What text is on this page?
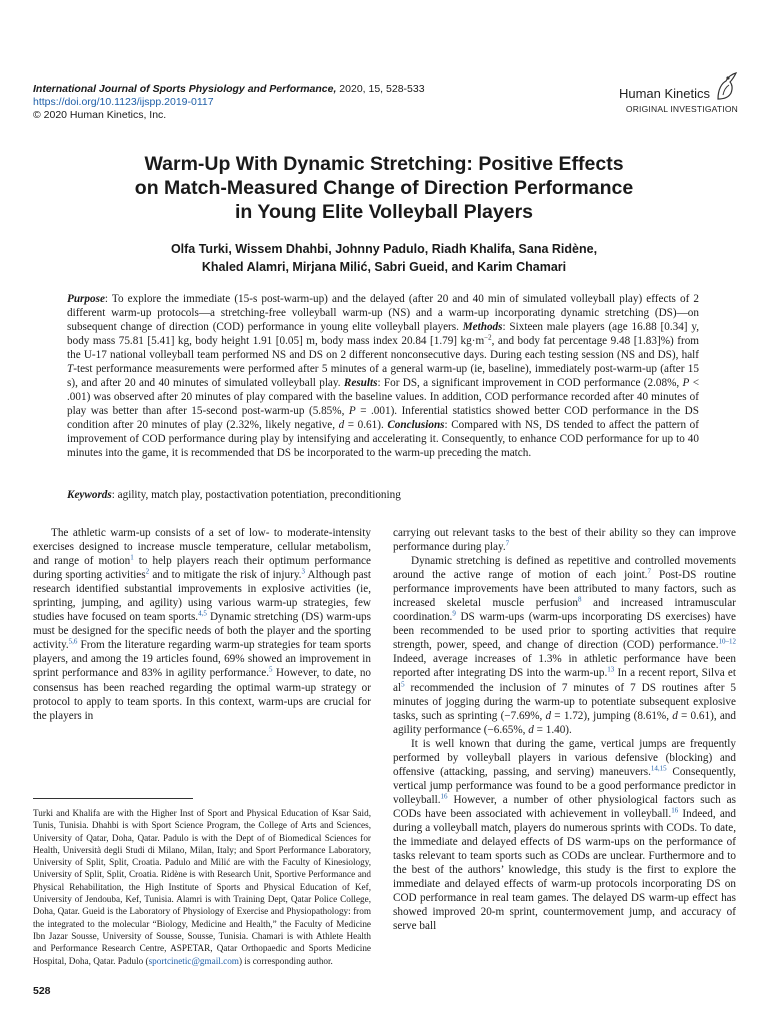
International Journal of Sports Physiology and Performance, 2020, 15, 528-533
https://doi.org/10.1123/ijspp.2019-0117
© 2020 Human Kinetics, Inc.
Human Kinetics
ORIGINAL INVESTIGATION
Warm-Up With Dynamic Stretching: Positive Effects
on Match-Measured Change of Direction Performance
in Young Elite Volleyball Players
Olfa Turki, Wissem Dhahbi, Johnny Padulo, Riadh Khalifa, Sana Ridène,
Khaled Alamri, Mirjana Milić, Sabri Gueid, and Karim Chamari

Purpose: To explore the immediate (15-s post-warm-up) and the delayed (after 20 and 40 min of simulated volleyball play) effects of 2 different warm-up protocols—a stretching-free volleyball warm-up (NS) and a warm-up incorporating dynamic stretching (DS)—on subsequent change of direction (COD) performance in young elite volleyball players. Methods: Sixteen male players (age 16.88 [0.34] y, body mass 75.81 [5.41] kg, body height 1.91 [0.05] m, body mass index 20.84 [1.79] $kg\cdot m^{-2}$, and body fat percentage 9.48 [1.83]%) from the U-17 national volleyball team performed NS and DS on 2 different nonconsecutive days. During each testing session (NS and DS), half T-test performance measurements were performed after 5 minutes of a general warm-up (ie, baseline), immediately post-warm-up (after 15 s), and after 20 and 40 minutes of simulated volleyball play. Results: For DS, a significant improvement in COD performance (2.08%, P < .001) was observed after 20 minutes of play compared with the baseline values. In addition, COD performance recorded after 40 minutes of play was better than after 15-second post-warm-up (5.85%, P = .001). Inferential statistics showed better COD performance in the DS condition after 20 minutes of play (2.32%, likely negative, d = 0.61). Conclusions: Compared with NS, DS tended to affect the pattern of improvement of COD performance during play by intensifying and accelerating it. Consequently, to enhance COD performance for up to 40 minutes into the game, it is recommended that DS be incorporated to the warm-up preceding the match.

Keywords: agility, match play, postactivation potentiation, preconditioning

The athletic warm-up consists of a set of low- to moderate-intensity exercises designed to increase muscle temperature, cellular metabolism, and range of motion$^1$ to help players reach their optimum performance during sporting activities$^2$ and to mitigate the risk of injury.$^3$ Although past research identified substantial improvements in explosive activities (ie, sprinting, jumping, and agility) using various warm-up strategies, few studies have focused on team sports.$^{4,5}$ Dynamic stretching (DS) warm-ups must be designed for the specific needs of both the player and the sporting activity.$^{5,6}$ From the literature regarding warm-up strategies for team sports players, and among the 19 articles found, 69% showed an improvement in sprint performance and 83% in agility performance.$^5$ However, to date, no consensus has been reached regarding the optimal warm-up strategy or protocol to apply to team sports. In this context, warm-ups are crucial for the players in

Turki and Khalifa are with the Higher Inst of Sport and Physical Education of Ksar Said, Tunis, Tunisia. Dhahbi is with Sport Science Program, the College of Arts and Sciences, University of Qatar, Doha, Qatar. Padulo is with the Dept of of Biomedical Sciences for Health, Università degli Studi di Milano, Milan, Italy; and Sport Performance Laboratory, University of Split, Split, Croatia. Padulo and Milić are with the Faculty of Kinesiology, University of Split, Split, Croatia. Ridène is with Research Unit, Sportive Performance and Physical Rehabilitation, the High Institute of Sports and Physical Education of Kef, University of Jendouba, Kef, Tunisia. Alamri is with Training Dept, Qatar Police College, Doha, Qatar. Gueid is the Laboratory of Physiology of Exercise and Physiopathology: from the integrated to the molecular “Biology, Medicine and Health,” the Faculty of Medicine Ibn Jazar Sousse, University of Sousse, Sousse, Tunisia. Chamari is with Athlete Health and Performance Research Centre, ASPETAR, Qatar Orthopaedic and Sports Medicine Hospital, Doha, Qatar. Padulo (sportcinetic@gmail.com) is corresponding author.

carrying out relevant tasks to the best of their ability so they can improve performance during play.$^7$

Dynamic stretching is defined as repetitive and controlled movements around the active range of motion of each joint.$^7$ Post-DS routine performance improvements have been attributed to many factors, such as increased skeletal muscle perfusion$^8$ and increased intramuscular coordination.$^9$ DS warm-ups (warm-ups incorporating DS exercises) have been recommended to be used prior to sporting activities that require strength, power, speed, and change of direction (COD) performance.$^{10-12}$ Indeed, average increases of 1.3% in athletic performance have been reported after integrating DS into the warm-up.$^{13}$ In a recent report, Silva et $al^5$ recommended the inclusion of 7 minutes of 7 DS routines after 5 minutes of jogging during the warm-up to potentiate subsequent explosive tasks, such as sprinting (−7.69%, d = 1.72), jumping (8.61%, d = 0.61), and agility performance (−6.65%, d = 1.40).

It is well known that during the game, vertical jumps are frequently performed by volleyball players in various defensive (blocking) and offensive (attacking, passing, and serving) maneuvers.$^{14,15}$ Consequently, vertical jump performance was found to be a good performance predictor in volleyball.$^{16}$ However, a number of other physiological factors such as CODs have been associated with achievement in volleyball.$^{16}$ Indeed, and during a volleyball match, players do numerous sprints with CODs. To date, the immediate and delayed effects of DS warm-ups on the performance of tasks relevant to team sports such as CODs are unclear. Furthermore and to the best of the authors’ knowledge, this study is the first to explore the immediate and delayed effects of warm-up protocols incorporating DS on COD performance in real team games. The delayed DS warm-up effect has showed improved 20-m sprint, countermovement jump, and accuracy of serve ball

528
